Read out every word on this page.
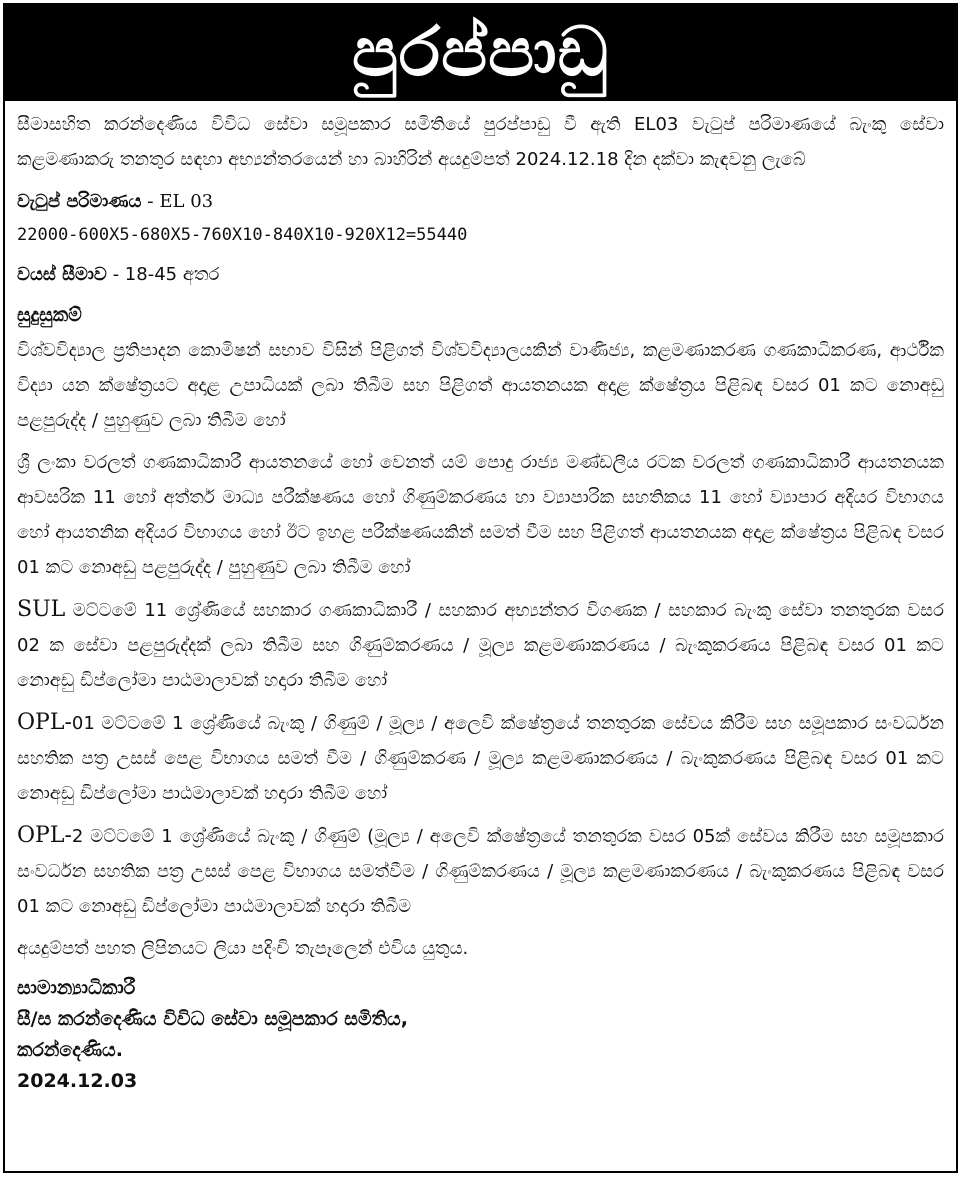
පුරප්පාඩු

සීමාසහිත කරන්දෙණිය විවිධ සේවා සමූපකාර සමිතියේ පුරප්පාඩු වී ඇති EL03 වැටුප් පරිමාණයේ බැංකු සේවා කළමණාකරු තනතුර සඳහා අභ්‍යන්තරයෙන් හා බාහිරින් අයදුම්පත් 2024.12.18 දින දක්වා කැඳවනු ලැබේ

වැටුප් පරිමාණය - EL 03

22000-600X5-680X5-760X10-840X10-920X12=55440

වයස් සීමාව - 18-45 අතර

සුදුසුකම්

විශ්වවිද්‍යාල ප්‍රතිපාදන කොමිෂන් සභාව විසින් පිළිගත් විශ්වවිද්‍යාලයකින් වාණිජ්‍ය, කළමණාකරණ ගණකාධිකරණ, ආර්ථික විද්‍යා යන ක්ෂේත්‍රයට අදාළ උපාධියක් ලබා තිබීම සහ පිළිගත් ආයතනයක අදාළ ක්ෂේත්‍රය පිළිබඳ වසර 01 කට නොඅඩු පළපුරුද්ද / පුහුණුව ලබා තිබීම හෝ

ශ්‍රී ලංකා වරලත් ගණකාධිකාරී ආයතනයේ හෝ වෙනත් යම් පොදු රාජ්‍ය මණ්ඩලීය රටක වරලත් ගණකාධිකාරී ආයතනයක ආවසරික 11 හෝ අත්තර් මාධ්‍ය පරීක්ෂණය හෝ ගිණුම්කරණය හා ව්‍යාපාරික සහතිකය 11 හෝ ව්‍යාපාර අදියර විභාගය හෝ ආයතනික අදියර විභාගය හෝ ඊට ඉහළ පරීක්ෂණයකින් සමත් වීම සහ පිළිගත් ආයතනයක අදාළ ක්ෂේත්‍රය පිළිබඳ වසර 01 කට නොඅඩු පළපුරුද්ද / පුහුණුව ලබා තිබීම හෝ

SUL මට්ටමේ 11 ශ්‍රේණියේ සහකාර ගණකාධිකාරී / සහකාර අභ්‍යන්තර විගණක / සහකාර බැංකු සේවා තනතුරක වසර 02 ක සේවා පළපුරුද්දක් ලබා තිබීම සහ ගිණුම්කරණය / මූල්‍ය කළමණාකරණය / බැංකුකරණය පිළිබඳ වසර 01 කට නොඅඩු ඩිප්ලෝමා පාඨමාලාවක් හදාරා තිබීම හෝ

OPL-01 මට්ටමේ 1 ශ්‍රේණියේ බැංකු / ගිණුම් / මූල්‍ය / අලෙවි ක්ෂේත්‍රයේ තනතුරක සේවය කිරීම සහ සමූපකාර සංවර්ධන සහතික පත්‍ර උසස් පෙළ විභාගය සමත් වීම / ගිණුම්කරණ / මූල්‍ය කළමණාකරණය / බැංකුකරණය පිළිබඳ වසර 01 කට නොඅඩු ඩිප්ලෝමා පාඨමාලාවක් හදාරා තිබීම හෝ

OPL-2 මට්ටමේ 1 ශ්‍රේණියේ බැංකු / ගිණුම් (මූල්‍ය / අලෙවි ක්ෂේත්‍රයේ තනතුරක වසර 05ක් සේවය කිරීම සහ සමූපකාර සංවර්ධන සහතික පත්‍ර උසස් පෙළ විභාගය සමත්වීම / ගිණුම්කරණය / මූල්‍ය කළමණාකරණය / බැංකුකරණය පිළිබඳ වසර 01 කට නොඅඩු ඩිප්ලෝමා පාඨමාලාවක් හදාරා තිබීම

අයදුම්පත් පහත ලිපිනයට ලියා පදිංචි තැපෑලෙන් එවිය යුතුය.

සාමාන්‍යාධිකාරී

සී/ස කරන්දෙණිය විවිධ සේවා සමූපකාර සමිතිය,

කරන්දෙණිය.

2024.12.03
